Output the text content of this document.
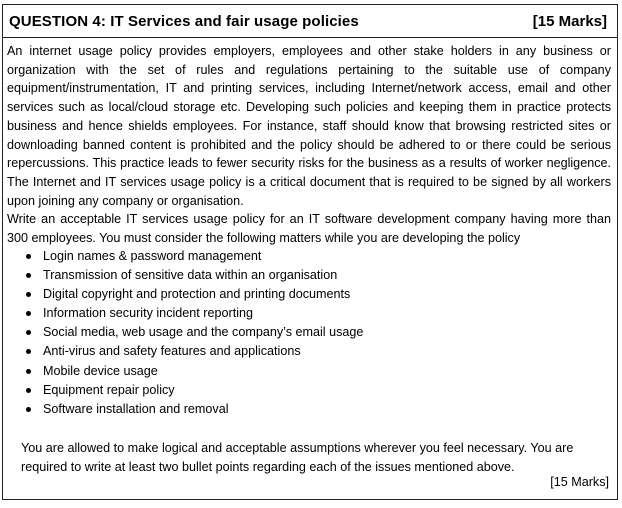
QUESTION 4: IT Services and fair usage policies	[15 Marks]
An internet usage policy provides employers, employees and other stake holders in any business or organization with the set of rules and regulations pertaining to the suitable use of company equipment/instrumentation, IT and printing services, including Internet/network access, email and other services such as local/cloud storage etc. Developing such policies and keeping them in practice protects business and hence shields employees. For instance, staff should know that browsing restricted sites or downloading banned content is prohibited and the policy should be adhered to or there could be serious repercussions. This practice leads to fewer security risks for the business as a results of worker negligence. The Internet and IT services usage policy is a critical document that is required to be signed by all workers upon joining any company or organisation.
Write an acceptable IT services usage policy for an IT software development company having more than 300 employees. You must consider the following matters while you are developing the policy
Login names & password management
Transmission of sensitive data within an organisation
Digital copyright and protection and printing documents
Information security incident reporting
Social media, web usage and the company’s email usage
Anti-virus and safety features and applications
Mobile device usage
Equipment repair policy
Software installation and removal
You are allowed to make logical and acceptable assumptions wherever you feel necessary. You are required to write at least two bullet points regarding each of the issues mentioned above.
[15 Marks]
